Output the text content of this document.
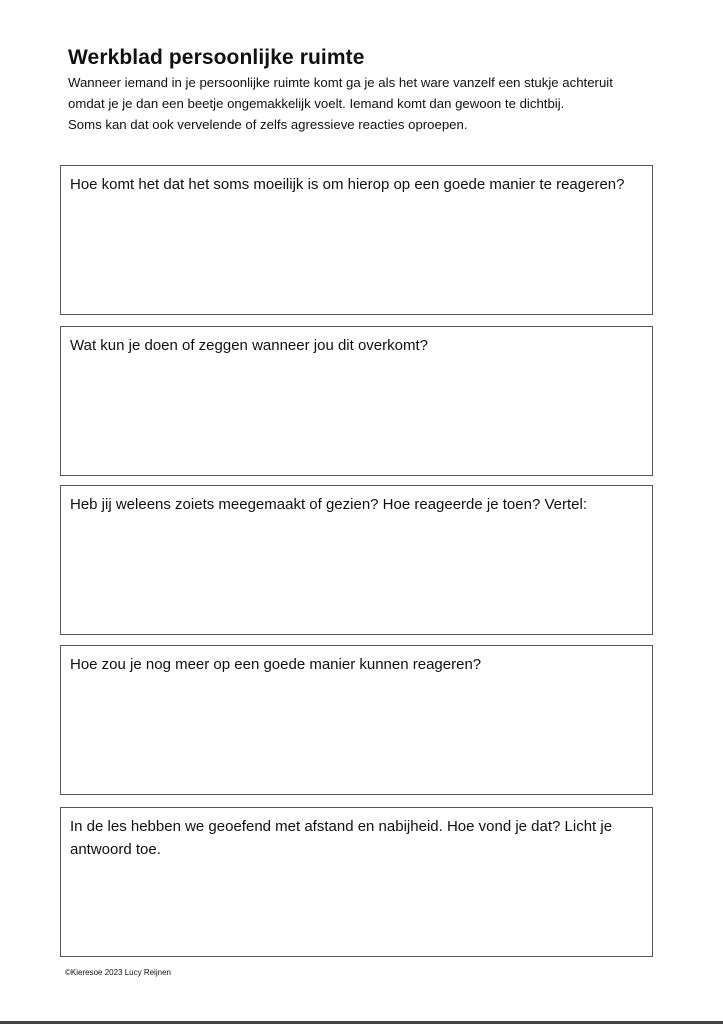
Werkblad persoonlijke ruimte

Wanneer iemand in je persoonlijke ruimte komt ga je als het ware vanzelf een stukje achteruit omdat je je dan een beetje ongemakkelijk voelt. Iemand komt dan gewoon te dichtbij.

Soms kan dat ook vervelende of zelfs agressieve reacties oproepen.

Hoe komt het dat het soms moeilijk is om hierop op een goede manier te reageren?

Wat kun je doen of zeggen wanneer jou dit overkomt?

Heb jij weleens zoiets meegemaakt of gezien? Hoe reageerde je toen? Vertel:

Hoe zou je nog meer op een goede manier kunnen reageren?

In de les hebben we geoefend met afstand en nabijheid. Hoe vond je dat? Licht je antwoord toe.

©Kieresoe 2023 Lucy Reijnen
